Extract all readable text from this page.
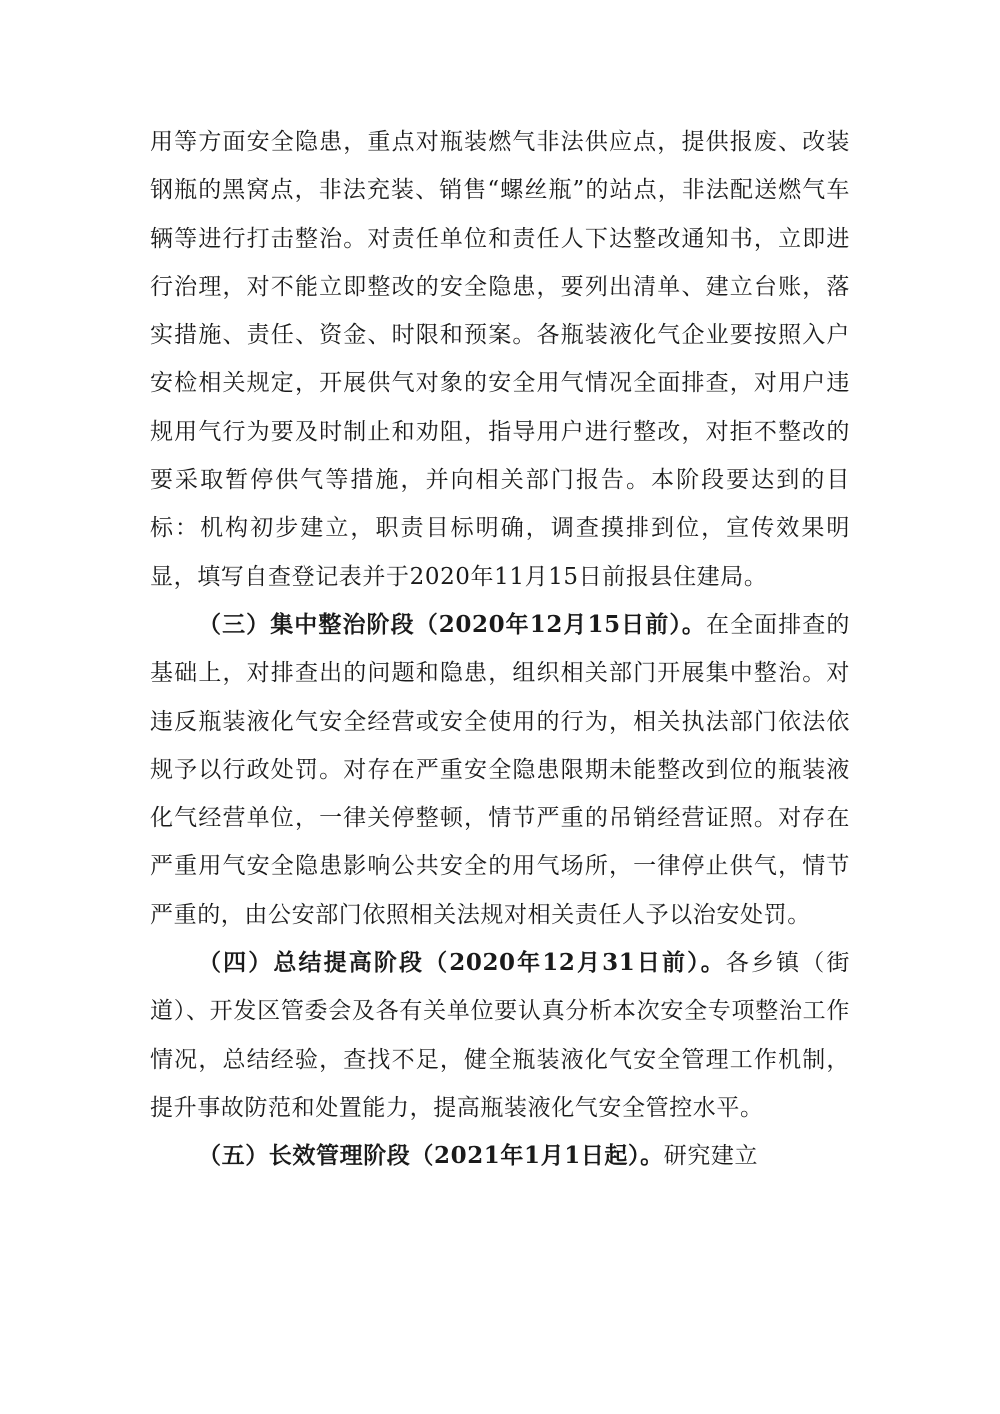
用等方面安全隐患，重点对瓶装燃气非法供应点，提供报废、改装钢瓶的黑窝点，非法充装、销售“螺丝瓶”的站点，非法配送燃气车辆等进行打击整治。对责任单位和责任人下达整改通知书，立即进行治理，对不能立即整改的安全隐患，要列出清单、建立台账，落实措施、责任、资金、时限和预案。各瓶装液化气企业要按照入户安检相关规定，开展供气对象的安全用气情况全面排查，对用户违规用气行为要及时制止和劝阻，指导用户进行整改，对拒不整改的要采取暂停供气等措施，并向相关部门报告。本阶段要达到的目标：机构初步建立，职责目标明确，调查摸排到位，宣传效果明显，填写自查登记表并于2020年11月15日前报县住建局。

（三）集中整治阶段（2020年12月15日前）。在全面排查的基础上，对排查出的问题和隐患，组织相关部门开展集中整治。对违反瓶装液化气安全经营或安全使用的行为，相关执法部门依法依规予以行政处罚。对存在严重安全隐患限期未能整改到位的瓶装液化气经营单位，一律关停整顿，情节严重的吊销经营证照。对存在严重用气安全隐患影响公共安全的用气场所，一律停止供气，情节严重的，由公安部门依照相关法规对相关责任人予以治安处罚。

（四）总结提高阶段（2020年12月31日前）。各乡镇（街道）、开发区管委会及各有关单位要认真分析本次安全专项整治工作情况，总结经验，查找不足，健全瓶装液化气安全管理工作机制，提升事故防范和处置能力，提高瓶装液化气安全管控水平。

（五）长效管理阶段（2021年1月1日起）。研究建立
